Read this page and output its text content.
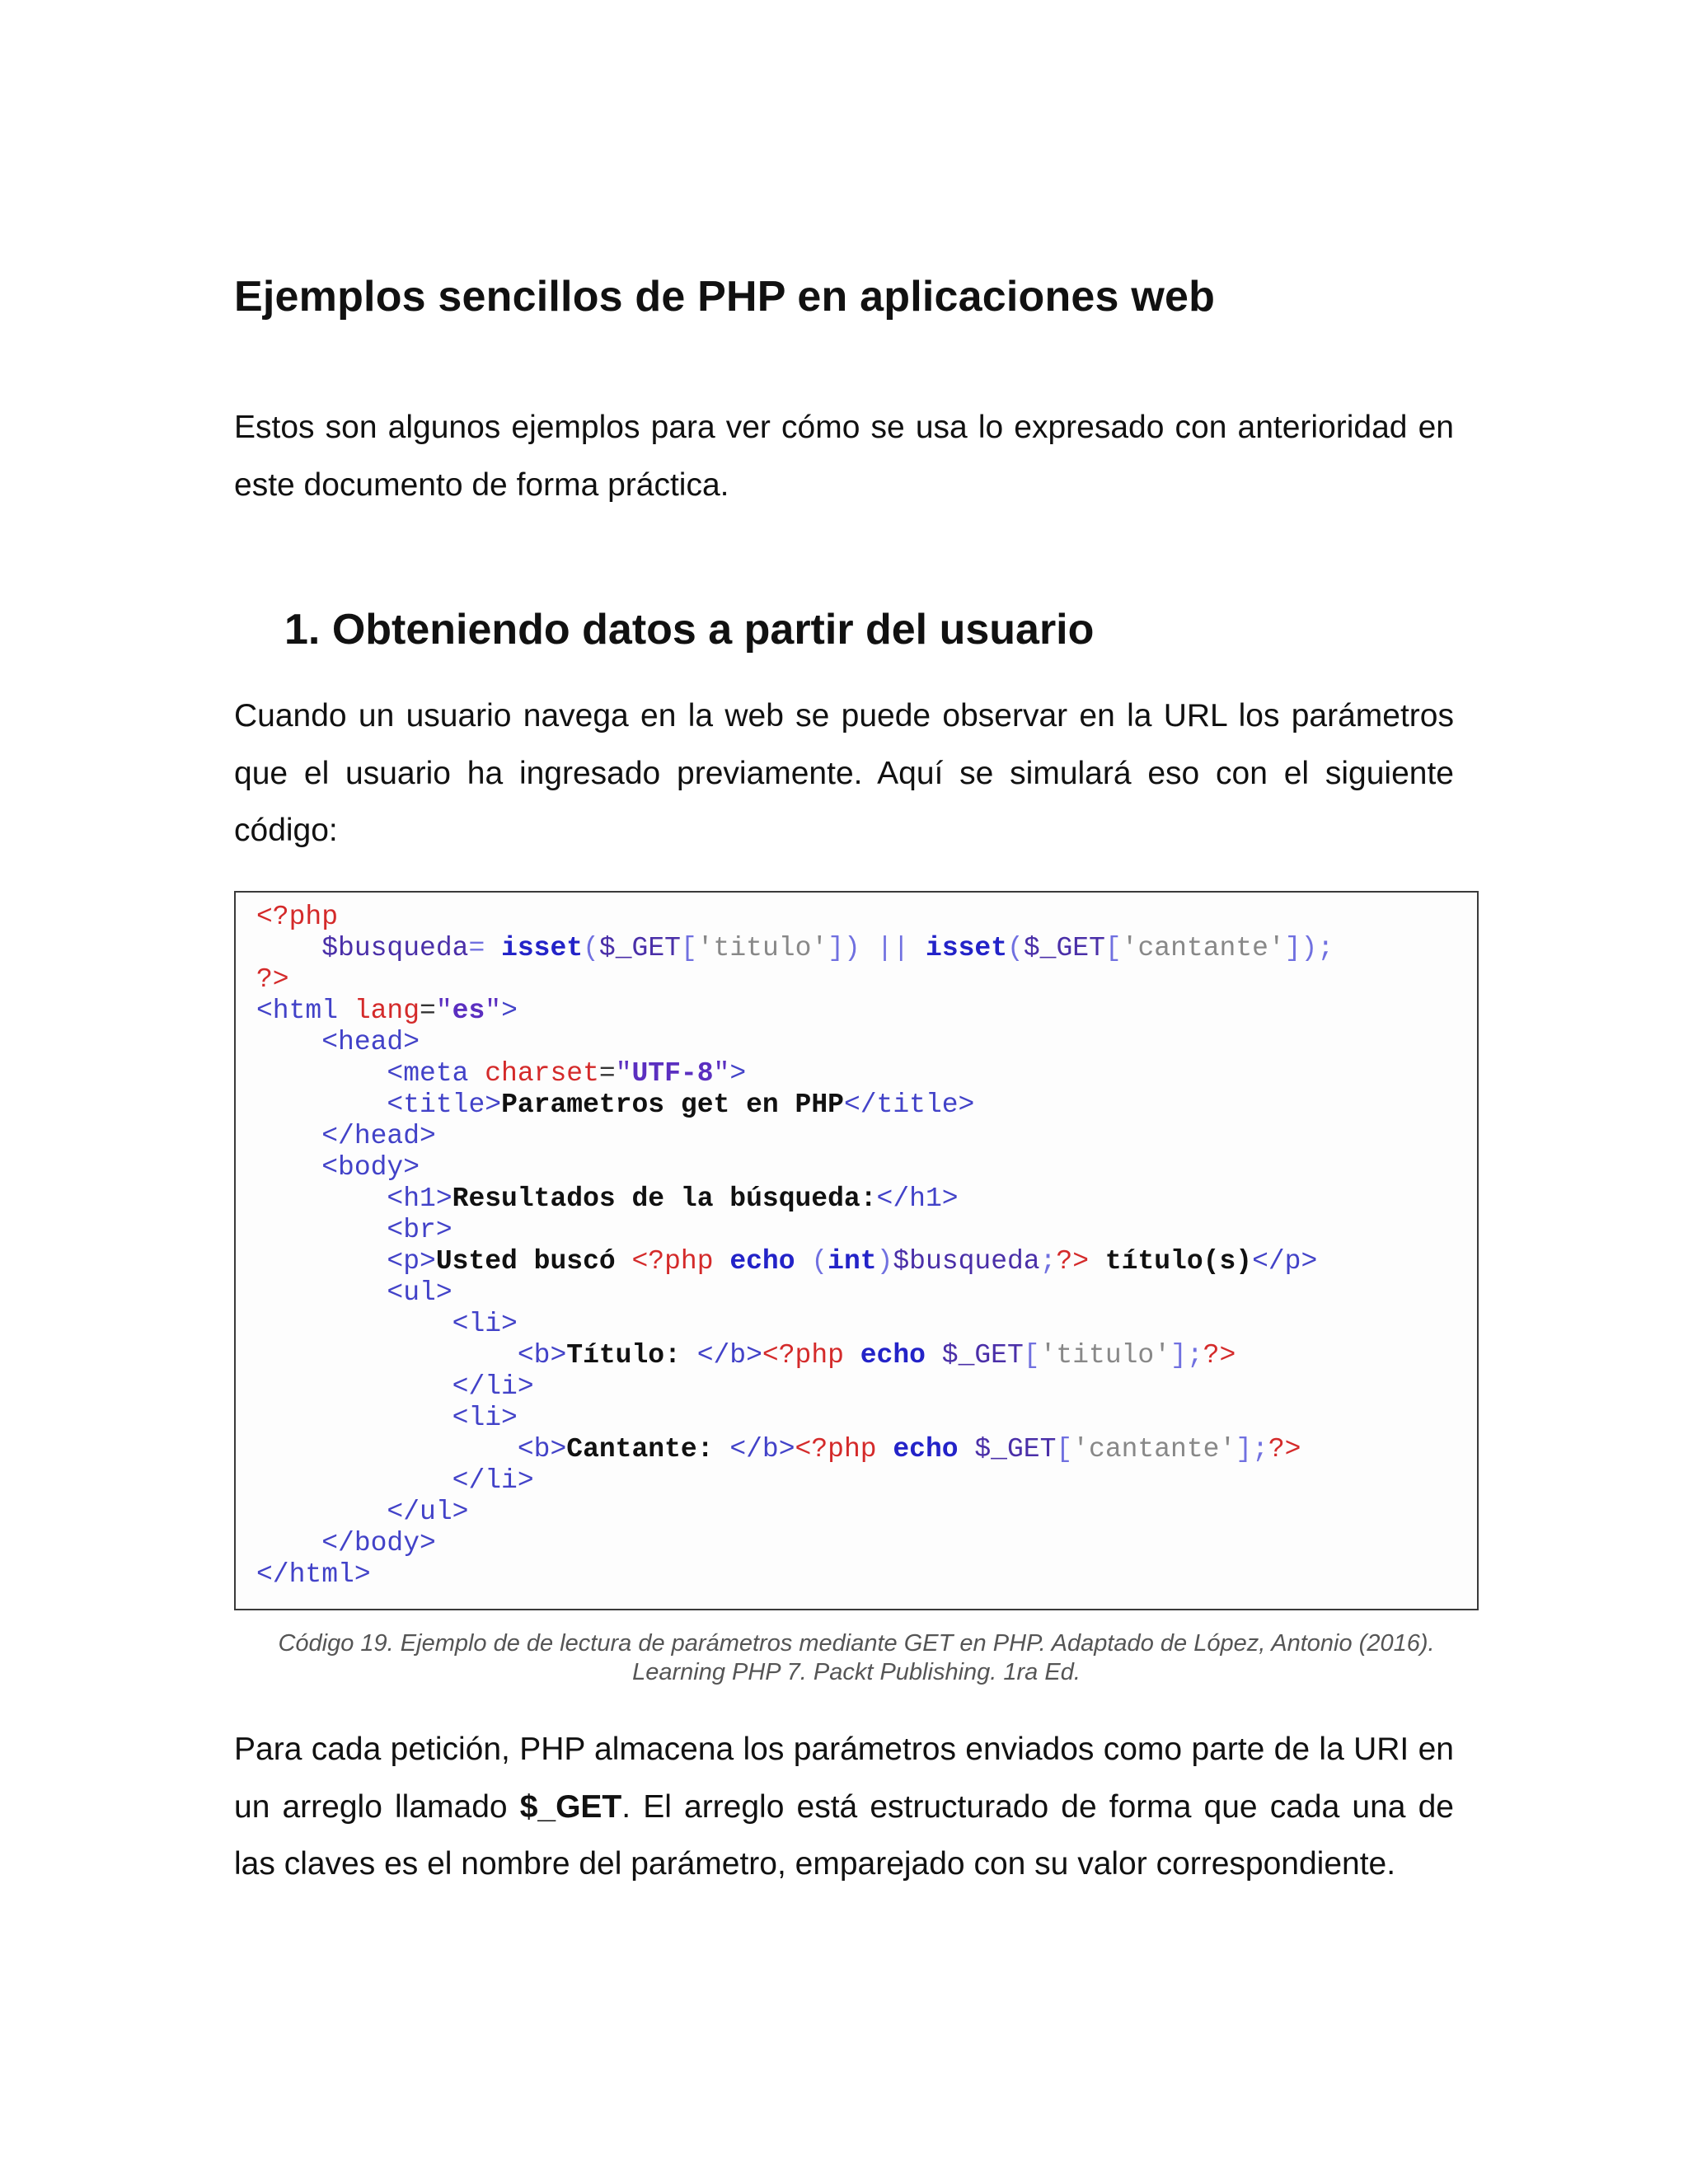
Ejemplos sencillos de PHP en aplicaciones web

Estos son algunos ejemplos para ver cómo se usa lo expresado con anterioridad en este documento de forma práctica.

1. Obteniendo datos a partir del usuario

Cuando un usuario navega en la web se puede observar en la URL los parámetros que el usuario ha ingresado previamente. Aquí se simulará eso con el siguiente código:

<?php
$busqueda= isset($_GET['titulo']) || isset($_GET['cantante']);
?>
<html lang="es">
<head>
<meta charset="UTF-8">
<title>Parametros get en PHP</title>
</head>
<body>
<h1>Resultados de la búsqueda:</h1>
<br>
<p>Usted buscó <?php echo (int)$busqueda;?> título(s)</p>
<ul>
<li>
<b>Título: </b><?php echo $_GET['titulo'];?>
</li>
<li>
<b>Cantante: </b><?php echo $_GET['cantante'];?>
</li>
</ul>
</body>
</html>

Código 19. Ejemplo de de lectura de parámetros mediante GET en PHP. Adaptado de López, Antonio (2016). Learning PHP 7. Packt Publishing. 1ra Ed.

Para cada petición, PHP almacena los parámetros enviados como parte de la URI en un arreglo llamado $_GET. El arreglo está estructurado de forma que cada una de las claves es el nombre del parámetro, emparejado con su valor correspondiente.
